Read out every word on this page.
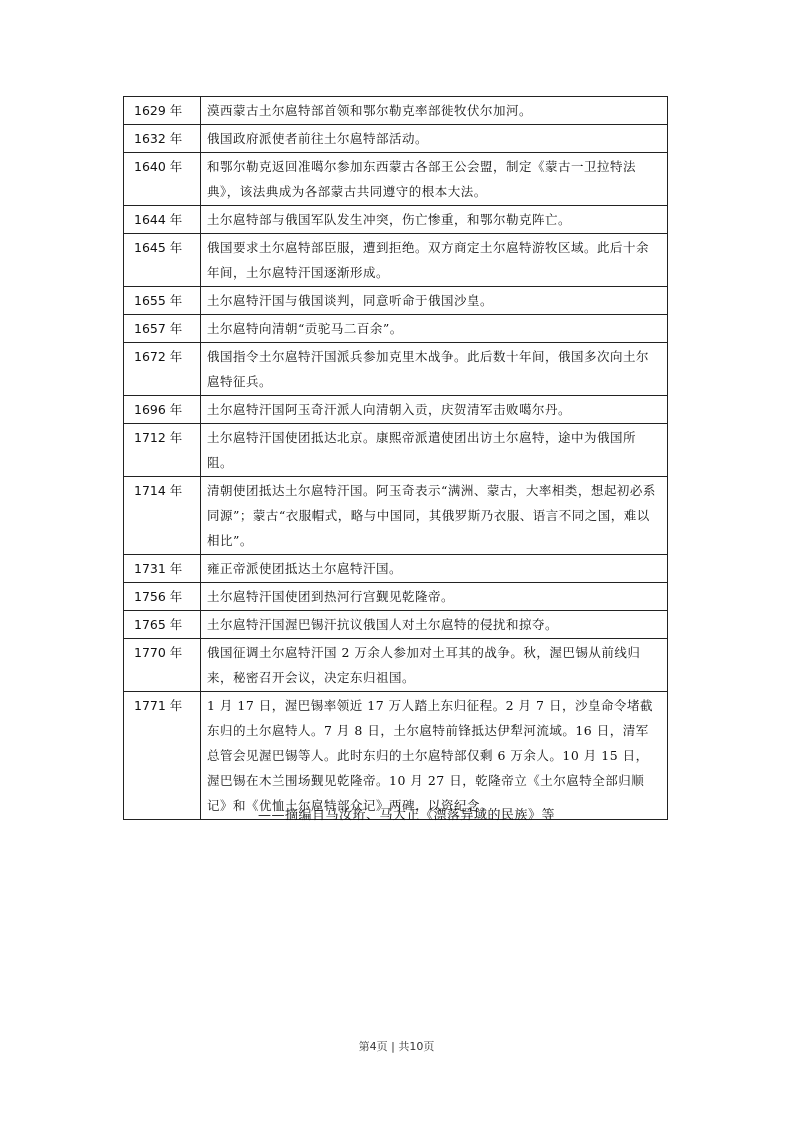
1629 年	漠西蒙古土尔扈特部首领和鄂尔勒克率部徙牧伏尔加河。
1632 年	俄国政府派使者前往土尔扈特部活动。
1640 年	和鄂尔勒克返回准噶尔参加东西蒙古各部王公会盟，制定《蒙古一卫拉特法典》，该法典成为各部蒙古共同遵守的根本大法。
1644 年	土尔扈特部与俄国军队发生冲突，伤亡惨重，和鄂尔勒克阵亡。
1645 年	俄国要求土尔扈特部臣服，遭到拒绝。双方商定土尔扈特游牧区域。此后十余年间，土尔扈特汗国逐渐形成。
1655 年	土尔扈特汗国与俄国谈判，同意听命于俄国沙皇。
1657 年	土尔扈特向清朝“贡驼马二百余”。
1672 年	俄国指令土尔扈特汗国派兵参加克里木战争。此后数十年间，俄国多次向土尔扈特征兵。
1696 年	土尔扈特汗国阿玉奇汗派人向清朝入贡，庆贺清军击败噶尔丹。
1712 年	土尔扈特汗国使团抵达北京。康熙帝派遣使团出访土尔扈特，途中为俄国所阻。
1714 年	清朝使团抵达土尔扈特汗国。阿玉奇表示“满洲、蒙古，大率相类，想起初必系同源”；蒙古“衣服帽式，略与中国同，其俄罗斯乃衣服、语言不同之国，难以相比”。
1731 年	雍正帝派使团抵达土尔扈特汗国。
1756 年	土尔扈特汗国使团到热河行宫觐见乾隆帝。
1765 年	土尔扈特汗国渥巴锡汗抗议俄国人对土尔扈特的侵扰和掠夺。
1770 年	俄国征调土尔扈特汗国 2 万余人参加对土耳其的战争。秋，渥巴锡从前线归来，秘密召开会议，决定东归祖国。
1771 年	1 月 17 日，渥巴锡率领近 17 万人踏上东归征程。2 月 7 日，沙皇命令堵截东归的土尔扈特人。7 月 8 日，土尔扈特前锋抵达伊犁河流域。16 日，清军总管会见渥巴锡等人。此时东归的土尔扈特部仅剩 6 万余人。10 月 15 日，渥巴锡在木兰围场觐见乾隆帝。10 月 27 日，乾隆帝立《土尔扈特全部归顺记》和《优恤土尔扈特部众记》两碑，以资纪念。
——摘编自马汝珩、马大正《漂落异域的民族》等
第4页 | 共10页
